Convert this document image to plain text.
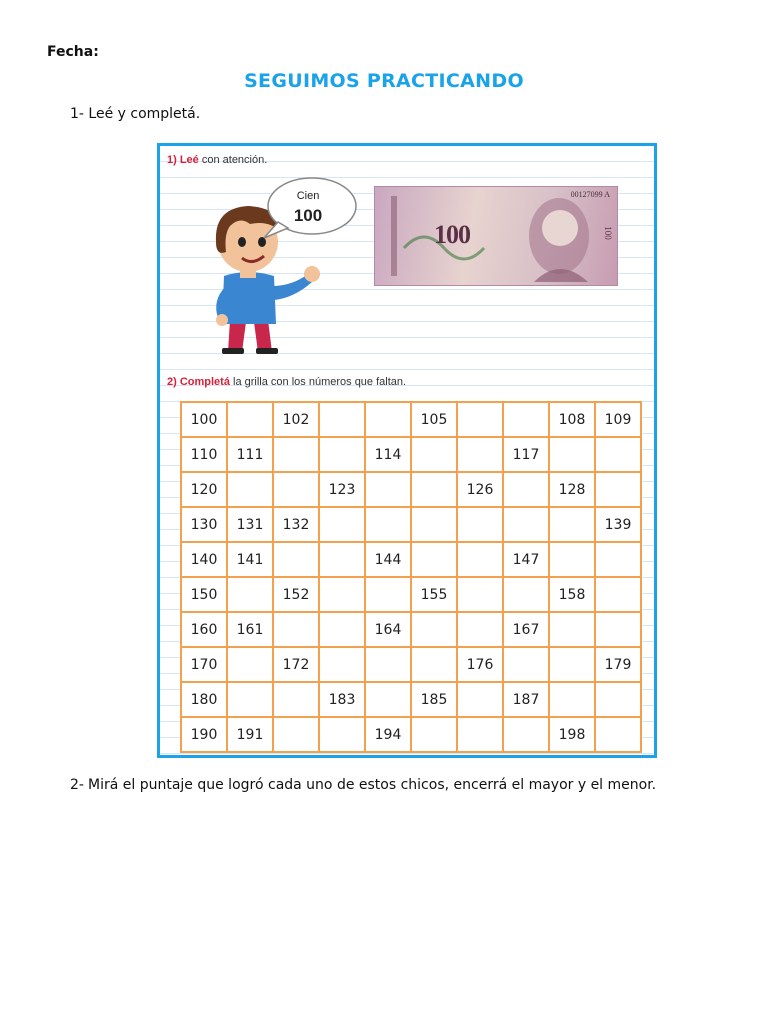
Fecha:
SEGUIMOS PRACTICANDO
1- Leé y completá.
1) Leé con atención.
Cien
100
00127099 A
100	100
2) Completá la grilla con los números que faltan.
100		102			105			108	109
110	111			114			117		
120			123			126		128	
130	131	132							139
140	141			144			147		
150		152			155			158	
160	161			164			167		
170		172				176			179
180			183		185		187		
190	191			194				198	
2- Mirá el puntaje que logró cada uno de estos chicos, encerrá el mayor y el menor.
